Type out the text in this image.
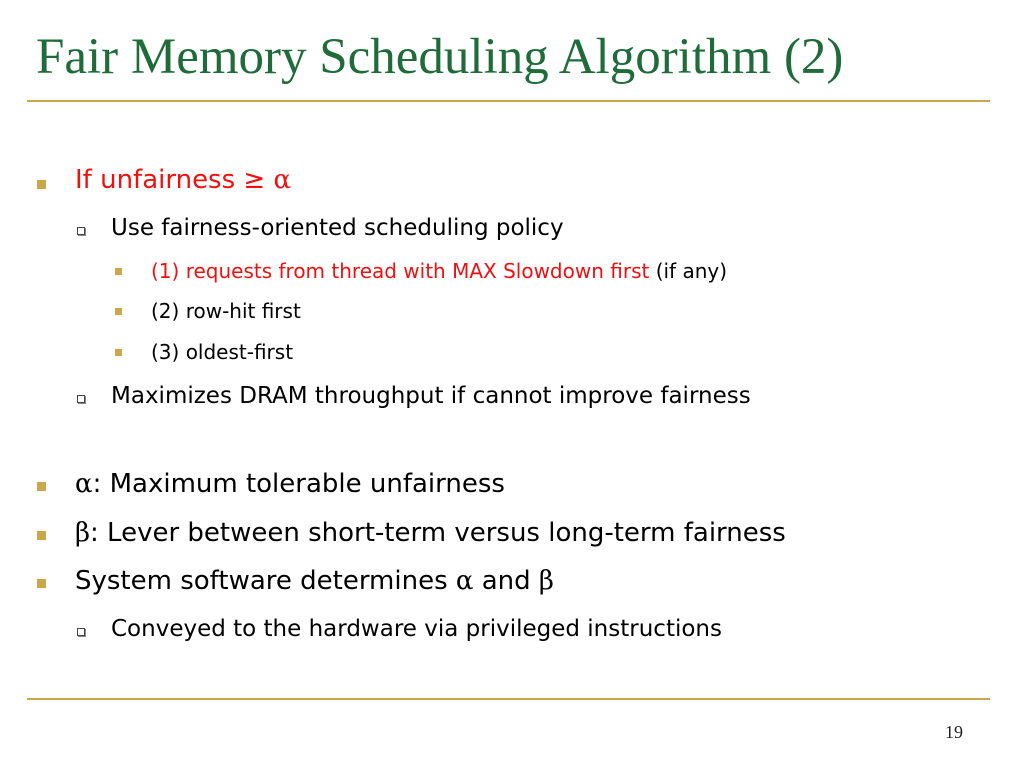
Fair Memory Scheduling Algorithm (2)
If unfairness ≥ α
Use fairness-oriented scheduling policy
(1) requests from thread with MAX Slowdown first (if any)
(2) row-hit first
(3) oldest-first
Maximizes DRAM throughput if cannot improve fairness
α: Maximum tolerable unfairness
β: Lever between short-term versus long-term fairness
System software determines α and β
Conveyed to the hardware via privileged instructions
19
